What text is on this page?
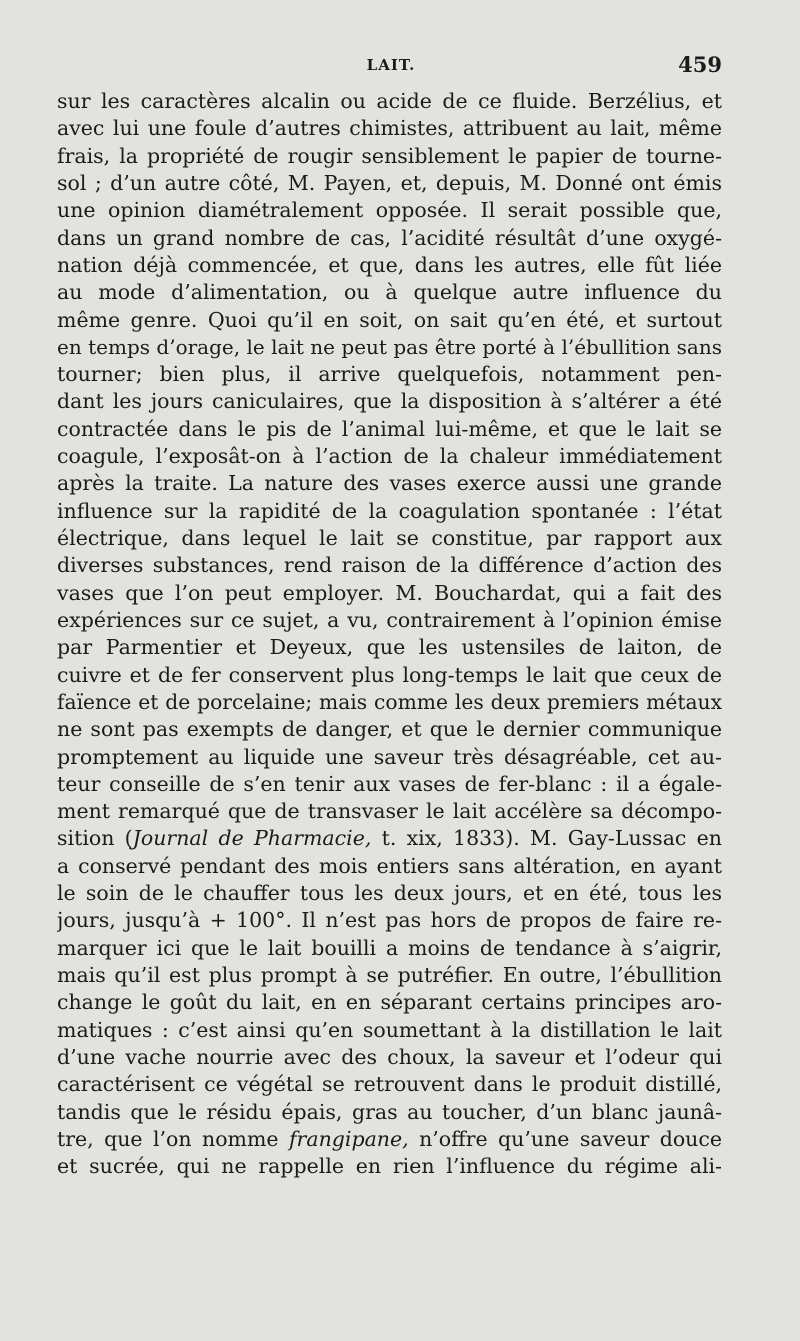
LAIT.	459
sur les caractères alcalin ou acide de ce fluide. Berzélius, et
avec lui une foule d’autres chimistes, attribuent au lait, même
frais, la propriété de rougir sensiblement le papier de tourne-
sol ; d’un autre côté, M. Payen, et, depuis, M. Donné ont émis
une opinion diamétralement opposée. Il serait possible que,
dans un grand nombre de cas, l’acidité résultât d’une oxygé-
nation déjà commencée, et que, dans les autres, elle fût liée
au mode d’alimentation, ou à quelque autre influence du
même genre. Quoi qu’il en soit, on sait qu’en été, et surtout
en temps d’orage, le lait ne peut pas être porté à l’ébullition sans
tourner; bien plus, il arrive quelquefois, notamment pen-
dant les jours caniculaires, que la disposition à s’altérer a été
contractée dans le pis de l’animal lui-même, et que le lait se
coagule, l’exposât-on à l’action de la chaleur immédiatement
après la traite. La nature des vases exerce aussi une grande
influence sur la rapidité de la coagulation spontanée : l’état
électrique, dans lequel le lait se constitue, par rapport aux
diverses substances, rend raison de la différence d’action des
vases que l’on peut employer. M. Bouchardat, qui a fait des
expériences sur ce sujet, a vu, contrairement à l’opinion émise
par Parmentier et Deyeux, que les ustensiles de laiton, de
cuivre et de fer conservent plus long-temps le lait que ceux de
faïence et de porcelaine; mais comme les deux premiers métaux
ne sont pas exempts de danger, et que le dernier communique
promptement au liquide une saveur très désagréable, cet au-
teur conseille de s’en tenir aux vases de fer-blanc : il a égale-
ment remarqué que de transvaser le lait accélère sa décompo-
sition (Journal de Pharmacie, t. xix, 1833). M. Gay-Lussac en
a conservé pendant des mois entiers sans altération, en ayant
le soin de le chauffer tous les deux jours, et en été, tous les
jours, jusqu’à + 100°. Il n’est pas hors de propos de faire re-
marquer ici que le lait bouilli a moins de tendance à s’aigrir,
mais qu’il est plus prompt à se putréfier. En outre, l’ébullition
change le goût du lait, en en séparant certains principes aro-
matiques : c’est ainsi qu’en soumettant à la distillation le lait
d’une vache nourrie avec des choux, la saveur et l’odeur qui
caractérisent ce végétal se retrouvent dans le produit distillé,
tandis que le résidu épais, gras au toucher, d’un blanc jaunâ-
tre, que l’on nomme frangipane, n’offre qu’une saveur douce
et sucrée, qui ne rappelle en rien l’influence du régime ali-
